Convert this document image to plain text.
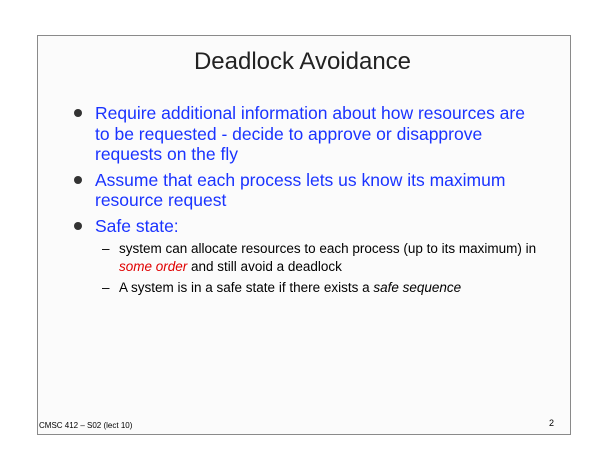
Deadlock Avoidance
Require additional information about how resources are to be requested - decide to approve or disapprove requests on the fly
Assume that each process lets us know its maximum resource request
Safe state:
– system can allocate resources to each process (up to its maximum) in some order and still avoid a deadlock
– A system is in a safe state if there exists a safe sequence
CMSC 412 – S02 (lect 10)	2
